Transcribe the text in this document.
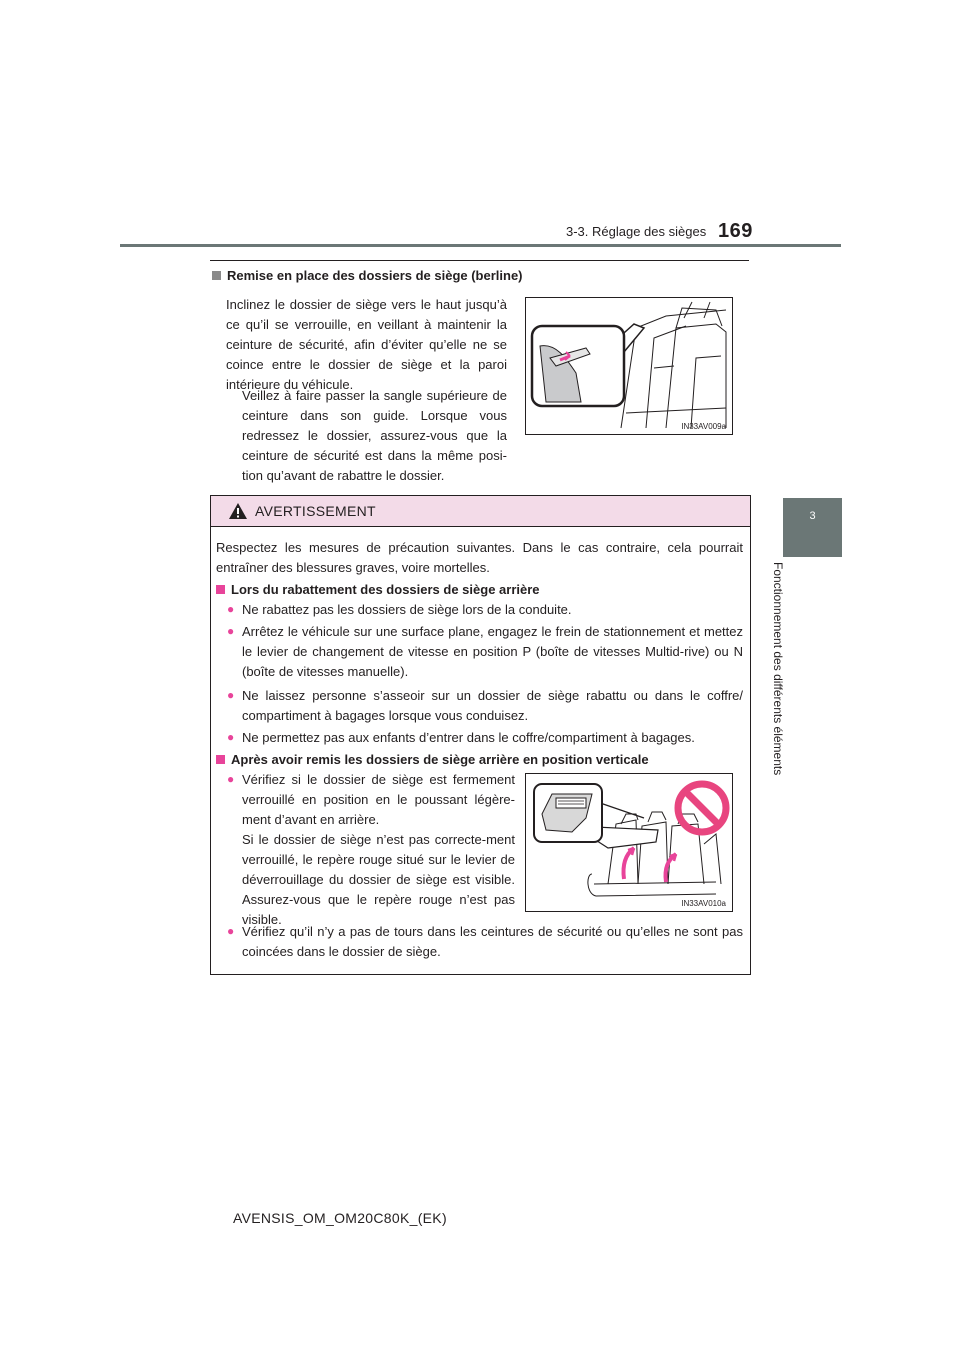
3-3. Réglage des sièges 169
3
Fonctionnement des différents éléments
Remise en place des dossiers de siège (berline)
Inclinez le dossier de siège vers le haut jusqu’à ce qu’il se verrouille, en veillant à maintenir la ceinture de sécurité, afin d’éviter qu’elle ne se coince entre le dossier de siège et la paroi intérieure du véhicule.
Veillez à faire passer la sangle supérieure de ceinture dans son guide. Lorsque vous redressez le dossier, assurez-vous que la ceinture de sécurité est dans la même posi-tion qu’avant de rabattre le dossier.
IN33AV009a
AVERTISSEMENT
Respectez les mesures de précaution suivantes. Dans le cas contraire, cela pourrait entraîner des blessures graves, voire mortelles.
Lors du rabattement des dossiers de siège arrière
● Ne rabattez pas les dossiers de siège lors de la conduite.
● Arrêtez le véhicule sur une surface plane, engagez le frein de stationnement et mettez le levier de changement de vitesse en position P (boîte de vitesses Multid-rive) ou N (boîte de vitesses manuelle).
● Ne laissez personne s’asseoir sur un dossier de siège rabattu ou dans le coffre/ compartiment à bagages lorsque vous conduisez.
● Ne permettez pas aux enfants d’entrer dans le coffre/compartiment à bagages.
Après avoir remis les dossiers de siège arrière en position verticale
● Vérifiez si le dossier de siège est fermement verrouillé en position en le poussant légère-ment d’avant en arrière.
Si le dossier de siège n’est pas correcte-ment verrouillé, le repère rouge situé sur le levier de déverrouillage du dossier de siège est visible. Assurez-vous que le repère rouge n’est pas visible.
● Vérifiez qu’il n’y a pas de tours dans les ceintures de sécurité ou qu’elles ne sont pas coincées dans le dossier de siège.
IN33AV010a
AVENSIS_OM_OM20C80K_(EK)
